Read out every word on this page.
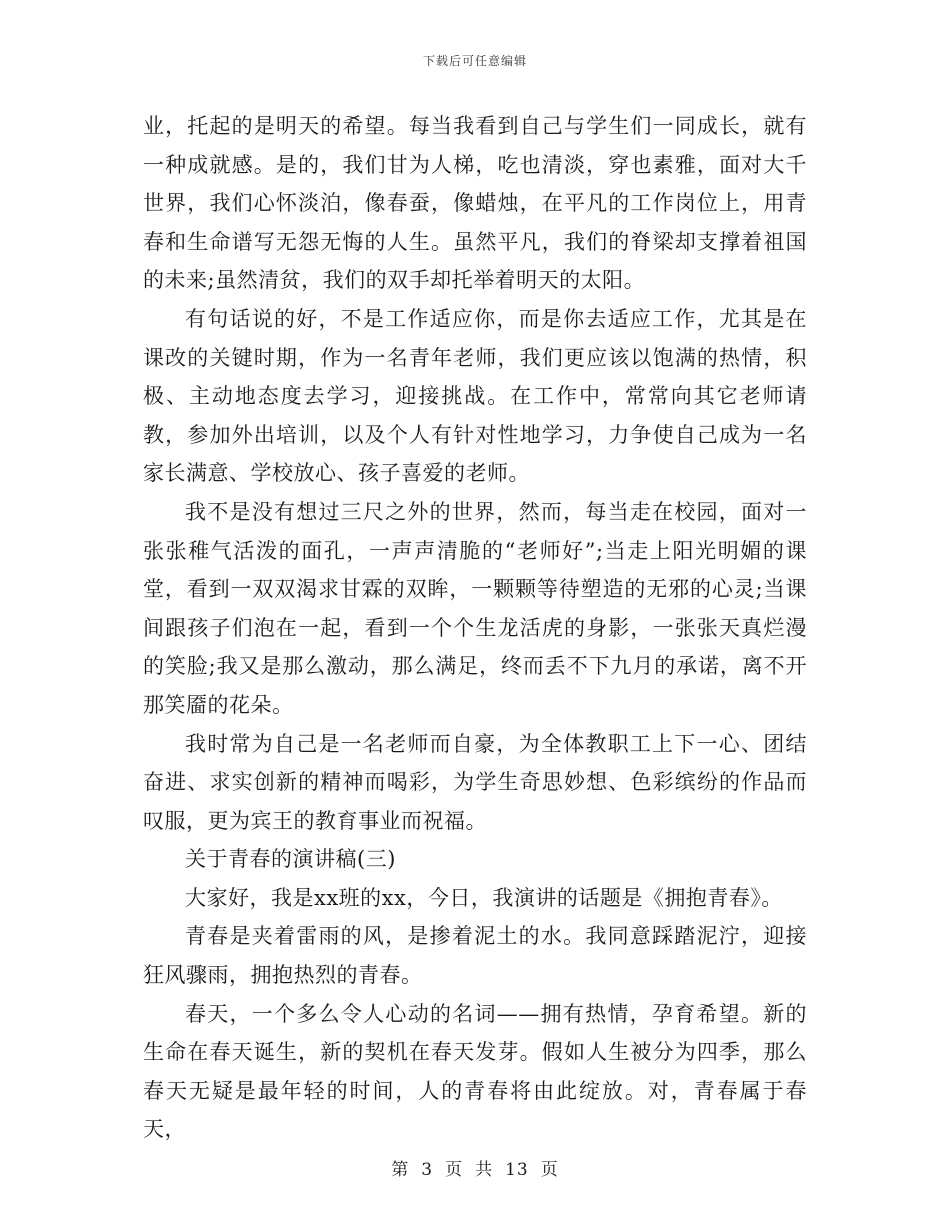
下载后可任意编辑

业，托起的是明天的希望。每当我看到自己与学生们一同成长，就有一种成就感。是的，我们甘为人梯，吃也清淡，穿也素雅，面对大千世界，我们心怀淡泊，像春蚕，像蜡烛，在平凡的工作岗位上，用青春和生命谱写无怨无悔的人生。虽然平凡，我们的脊梁却支撑着祖国的未来;虽然清贫，我们的双手却托举着明天的太阳。

有句话说的好，不是工作适应你，而是你去适应工作，尤其是在课改的关键时期，作为一名青年老师，我们更应该以饱满的热情，积极、主动地态度去学习，迎接挑战。在工作中，常常向其它老师请教，参加外出培训，以及个人有针对性地学习，力争使自己成为一名家长满意、学校放心、孩子喜爱的老师。

我不是没有想过三尺之外的世界，然而，每当走在校园，面对一张张稚气活泼的面孔，一声声清脆的“老师好”;当走上阳光明媚的课堂，看到一双双渴求甘霖的双眸，一颗颗等待塑造的无邪的心灵;当课间跟孩子们泡在一起，看到一个个生龙活虎的身影，一张张天真烂漫的笑脸;我又是那么激动，那么满足，终而丢不下九月的承诺，离不开那笑靥的花朵。

我时常为自己是一名老师而自豪，为全体教职工上下一心、团结奋进、求实创新的精神而喝彩，为学生奇思妙想、色彩缤纷的作品而叹服，更为宾王的教育事业而祝福。

关于青春的演讲稿(三)

大家好，我是xx班的xx，今日，我演讲的话题是《拥抱青春》。

青春是夹着雷雨的风，是掺着泥土的水。我同意踩踏泥泞，迎接狂风骤雨，拥抱热烈的青春。

春天，一个多么令人心动的名词——拥有热情，孕育希望。新的生命在春天诞生，新的契机在春天发芽。假如人生被分为四季，那么春天无疑是最年轻的时间，人的青春将由此绽放。对，青春属于春天，

第 3 页 共 13 页
